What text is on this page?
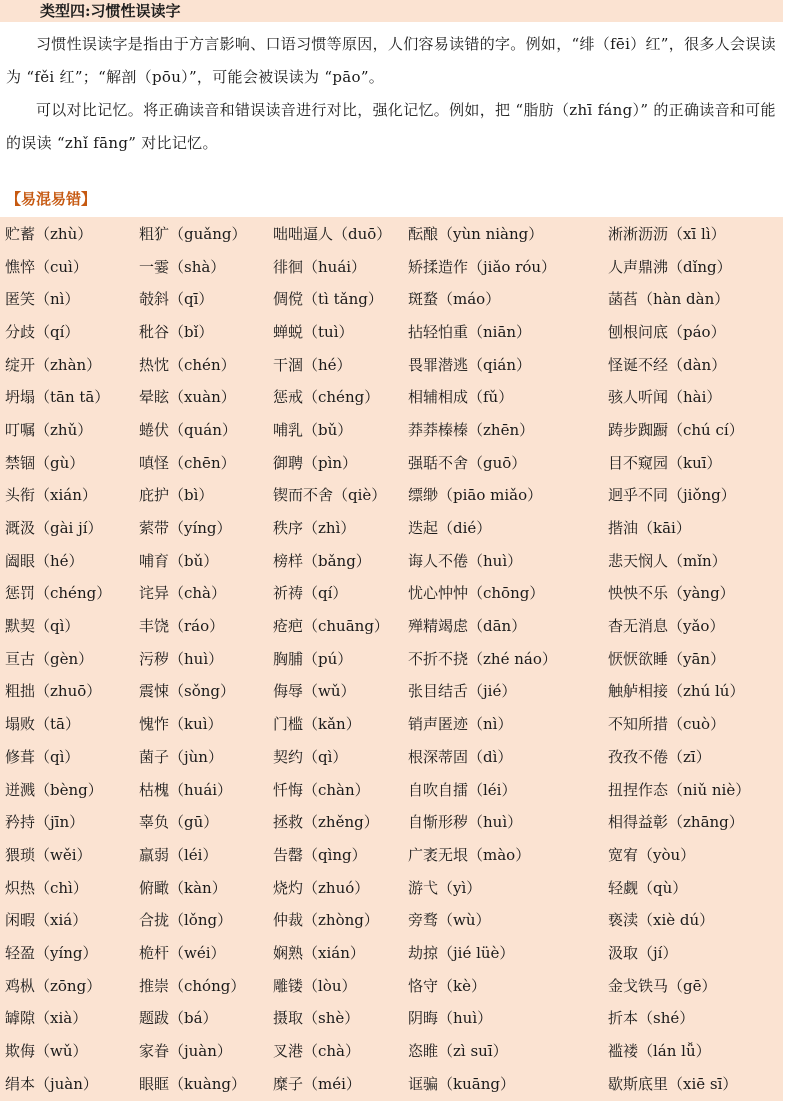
类型四:习惯性误读字

习惯性误读字是指由于方言影响、口语习惯等原因，人们容易读错的字。例如，“绯（fēi）红”，很多人会误读为 “fěi 红”；“解剖（pōu）”，可能会被误读为 “pāo”。

可以对比记忆。将正确读音和错误读音进行对比，强化记忆。例如，把 “脂肪（zhī fáng）” 的正确读音和可能的误读 “zhǐ fāng” 对比记忆。

【易混易错】
贮蓄（zhù）	粗犷（guǎng）	咄咄逼人（duō）	酝酿（yùn niàng）	淅淅沥沥（xī lì）
憔悴（cuì）	一霎（shà）	徘徊（huái）	矫揉造作（jiǎo róu）	人声鼎沸（dǐng）
匿笑（nì）	攲斜（qī）	倜傥（tì tǎng）	斑蝥（máo）	菡萏（hàn dàn）
分歧（qí）	秕谷（bǐ）	蝉蜕（tuì）	拈轻怕重（niān）	刨根问底（páo）
绽开（zhàn）	热忱（chén）	干涸（hé）	畏罪潜逃（qián）	怪诞不经（dàn）
坍塌（tān tā）	晕眩（xuàn）	惩戒（chéng）	相辅相成（fǔ）	骇人听闻（hài）
叮嘱（zhǔ）	蜷伏（quán）	哺乳（bǔ）	莽莽榛榛（zhēn）	踌步踟蹰（chú cí）
禁锢（gù）	嗔怪（chēn）	御聘（pìn）	强聒不舍（guō）	目不窥园（kuī）
头衔（xián）	庇护（bì）	锲而不舍（qiè）	缥缈（piāo miǎo）	迥乎不同（jiǒng）
溉汲（gài jí）	萦带（yíng）	秩序（zhì）	迭起（dié）	揩油（kāi）
阖眼（hé）	哺育（bǔ）	榜样（bǎng）	诲人不倦（huì）	悲天悯人（mǐn）
惩罚（chéng）	诧异（chà）	祈祷（qí）	忧心忡忡（chōng）	怏怏不乐（yàng）
默契（qì）	丰饶（ráo）	疮疤（chuāng）	殚精竭虑（dān）	杳无消息（yǎo）
亘古（gèn）	污秽（huì）	胸脯（pú）	不折不挠（zhé náo）	恹恹欲睡（yān）
粗拙（zhuō）	震悚（sǒng）	侮辱（wǔ）	张目结舌（jié）	触舻相接（zhú lú）
塌败（tā）	愧怍（kuì）	门槛（kǎn）	销声匿迹（nì）	不知所措（cuò）
修葺（qì）	菌子（jùn）	契约（qì）	根深蒂固（dì）	孜孜不倦（zī）
迸溅（bèng）	枯槐（huái）	忏悔（chàn）	自吹自擂（léi）	扭捏作态（niǔ niè）
矜持（jīn）	辜负（gū）	拯救（zhěng）	自惭形秽（huì）	相得益彰（zhāng）
猥琐（wěi）	羸弱（léi）	告罄（qìng）	广袤无垠（mào）	宽宥（yòu）
炽热（chì）	俯瞰（kàn）	烧灼（zhuó）	游弋（yì）	轻觑（qù）
闲暇（xiá）	合拢（lǒng）	仲裁（zhòng）	旁骛（wù）	亵渎（xiè dú）
轻盈（yíng）	桅杆（wéi）	娴熟（xián）	劫掠（jié lüè）	汲取（jí）
鸡枞（zōng）	推崇（chóng）	雕镂（lòu）	恪守（kè）	金戈铁马（gē）
罅隙（xià）	题跋（bá）	摄取（shè）	阴晦（huì）	折本（shé）
欺侮（wǔ）	家眷（juàn）	叉港（chà）	恣睢（zì suī）	褴褛（lán lǚ）
绢本（juàn）	眼眶（kuàng）	糜子（méi）	诓骗（kuāng）	歇斯底里（xiē sī）
